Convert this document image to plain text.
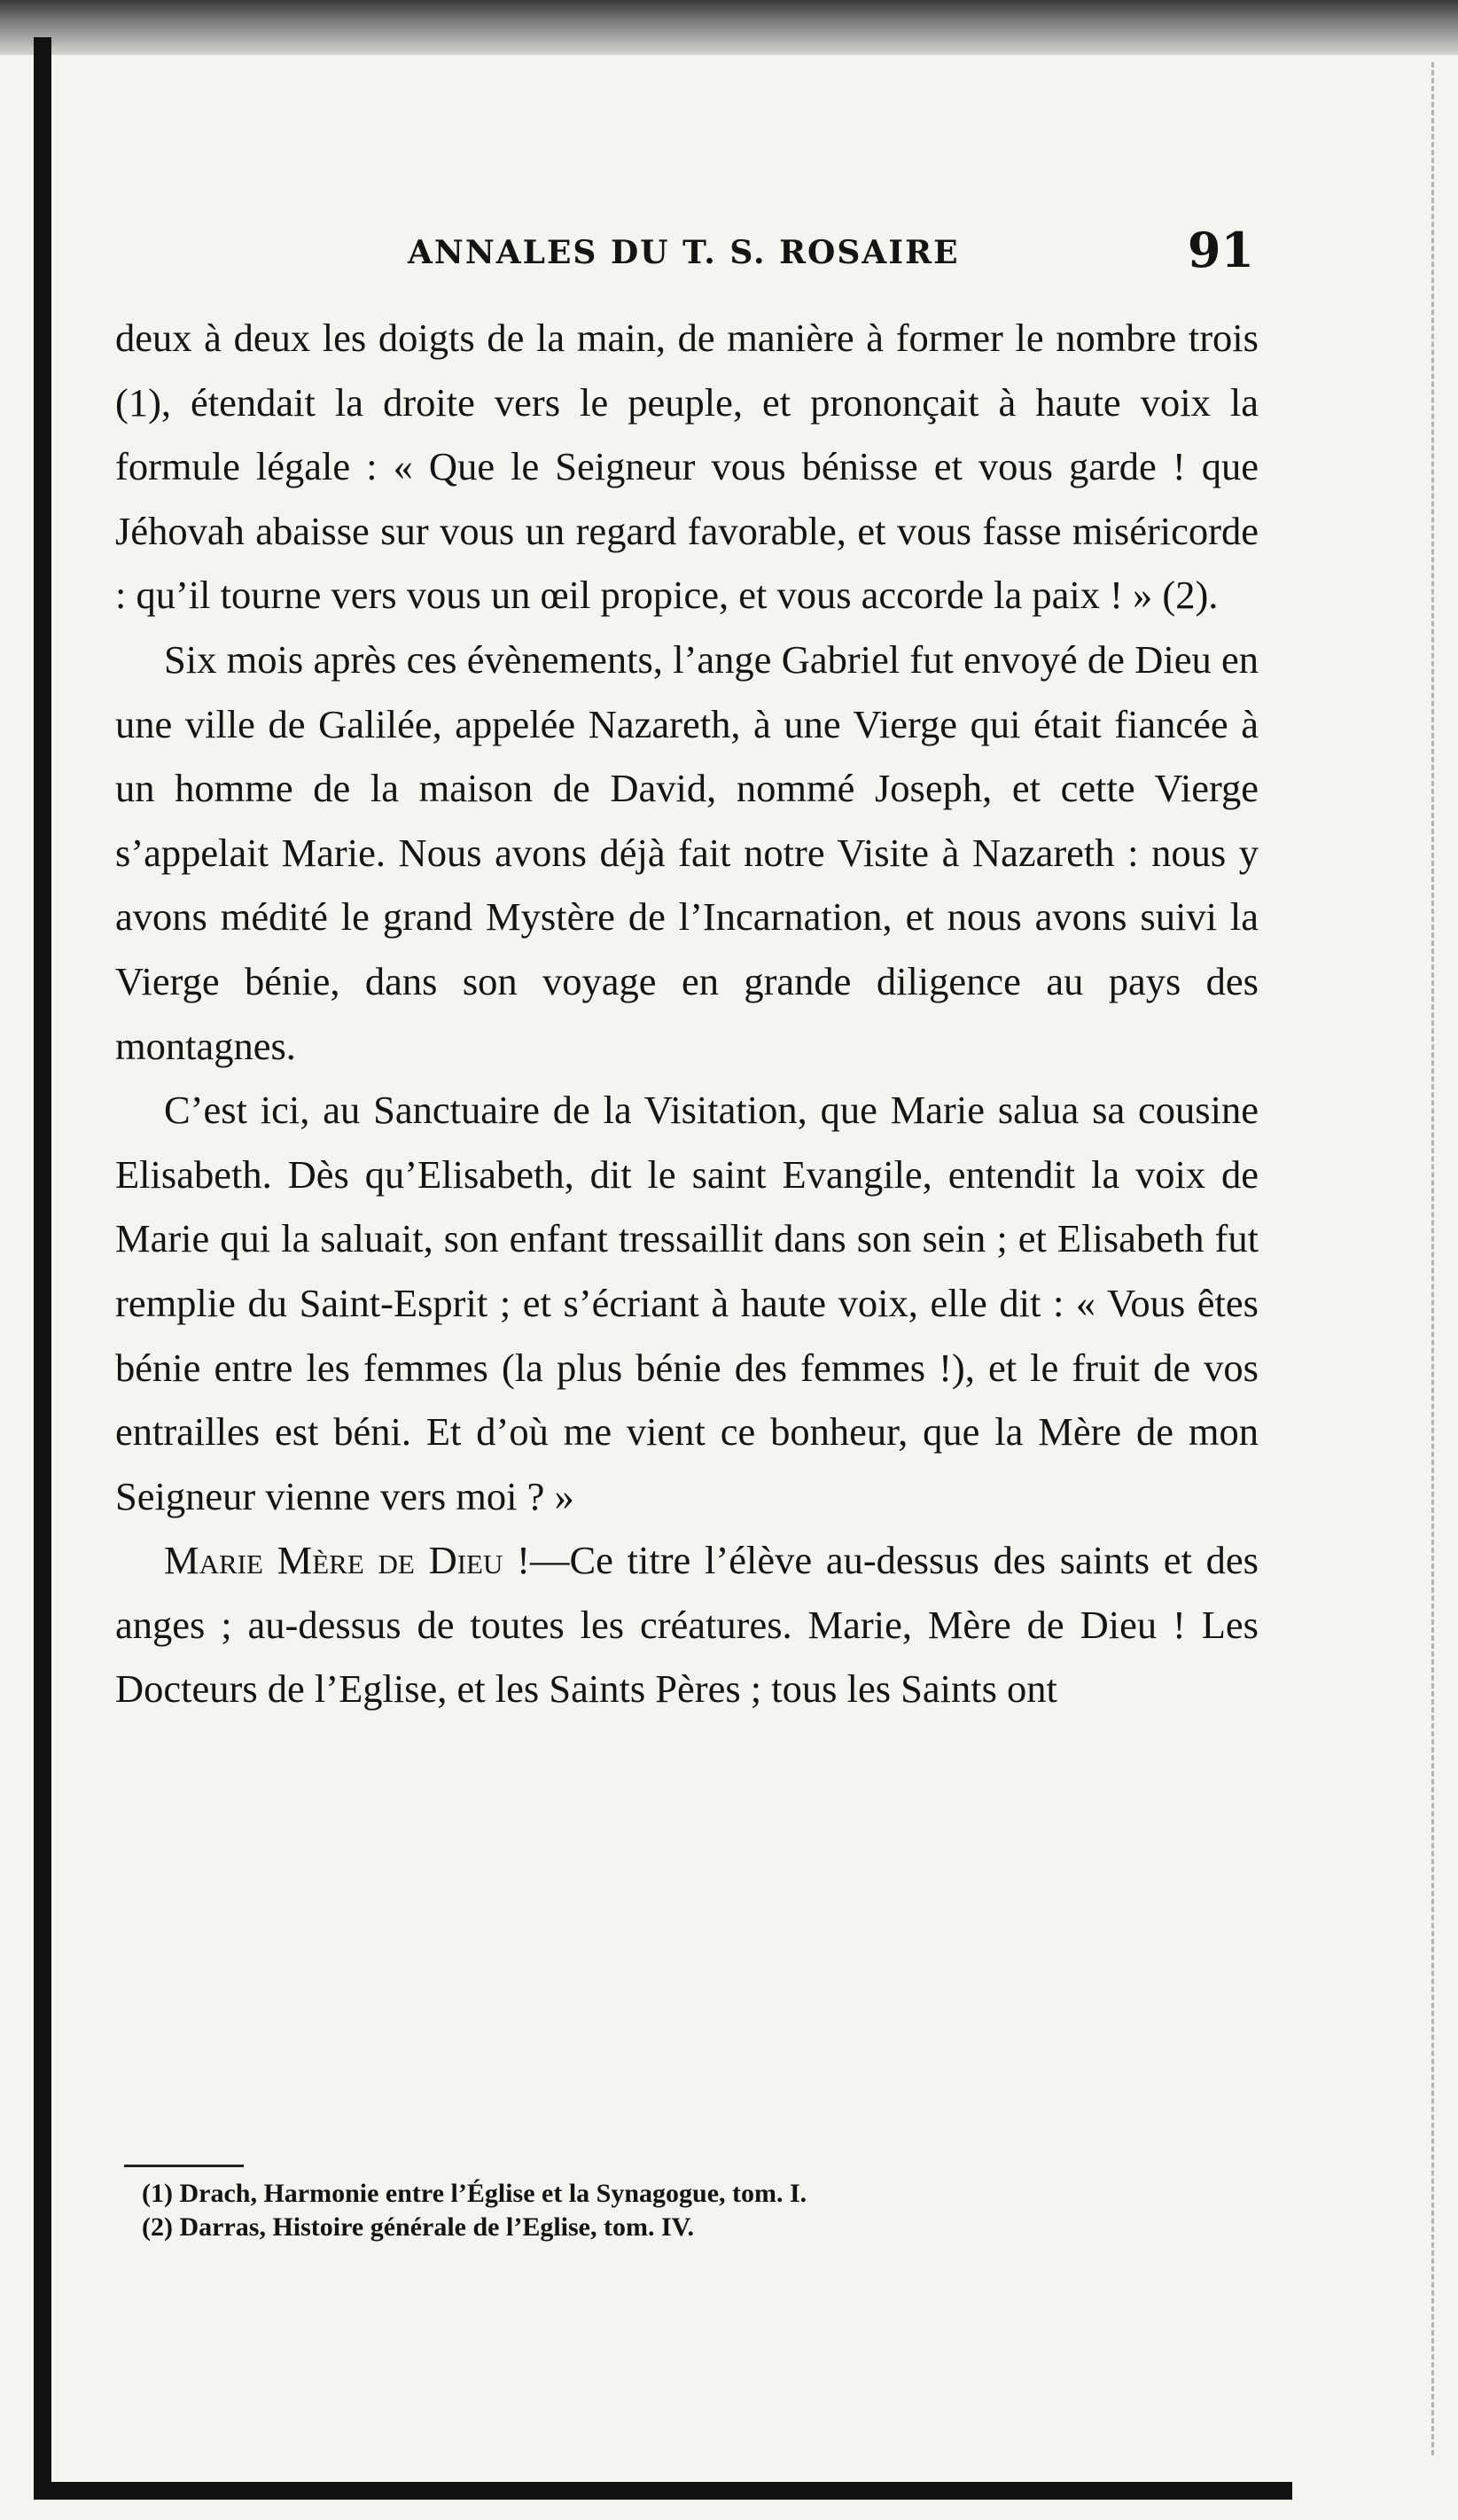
ANNALES DU T. S. ROSAIRE	91

deux à deux les doigts de la main, de manière à former le nombre trois (1), étendait la droite vers le peuple, et prononçait à haute voix la formule légale : « Que le Seigneur vous bénisse et vous garde ! que Jéhovah abaisse sur vous un regard favorable, et vous fasse miséricorde : qu’il tourne vers vous un œil propice, et vous accorde la paix ! » (2).

Six mois après ces évènements, l’ange Gabriel fut envoyé de Dieu en une ville de Galilée, appelée Nazareth, à une Vierge qui était fiancée à un homme de la maison de David, nommé Joseph, et cette Vierge s’appelait Marie. Nous avons déjà fait notre Visite à Nazareth : nous y avons médité le grand Mystère de l’Incarnation, et nous avons suivi la Vierge bénie, dans son voyage en grande diligence au pays des montagnes.

C’est ici, au Sanctuaire de la Visitation, que Marie salua sa cousine Elisabeth. Dès qu’Elisabeth, dit le saint Evangile, entendit la voix de Marie qui la saluait, son enfant tressaillit dans son sein ; et Elisabeth fut remplie du Saint-Esprit ; et s’écriant à haute voix, elle dit : « Vous êtes bénie entre les femmes (la plus bénie des femmes !), et le fruit de vos entrailles est béni. Et d’où me vient ce bonheur, que la Mère de mon Seigneur vienne vers moi ? »

Marie Mère de Dieu !—Ce titre l’élève au-dessus des saints et des anges ; au-dessus de toutes les créatures. Marie, Mère de Dieu ! Les Docteurs de l’Eglise, et les Saints Pères ; tous les Saints ont

(1) Drach, Harmonie entre l’Église et la Synagogue, tom. I.
(2) Darras, Histoire générale de l’Eglise, tom. IV.
